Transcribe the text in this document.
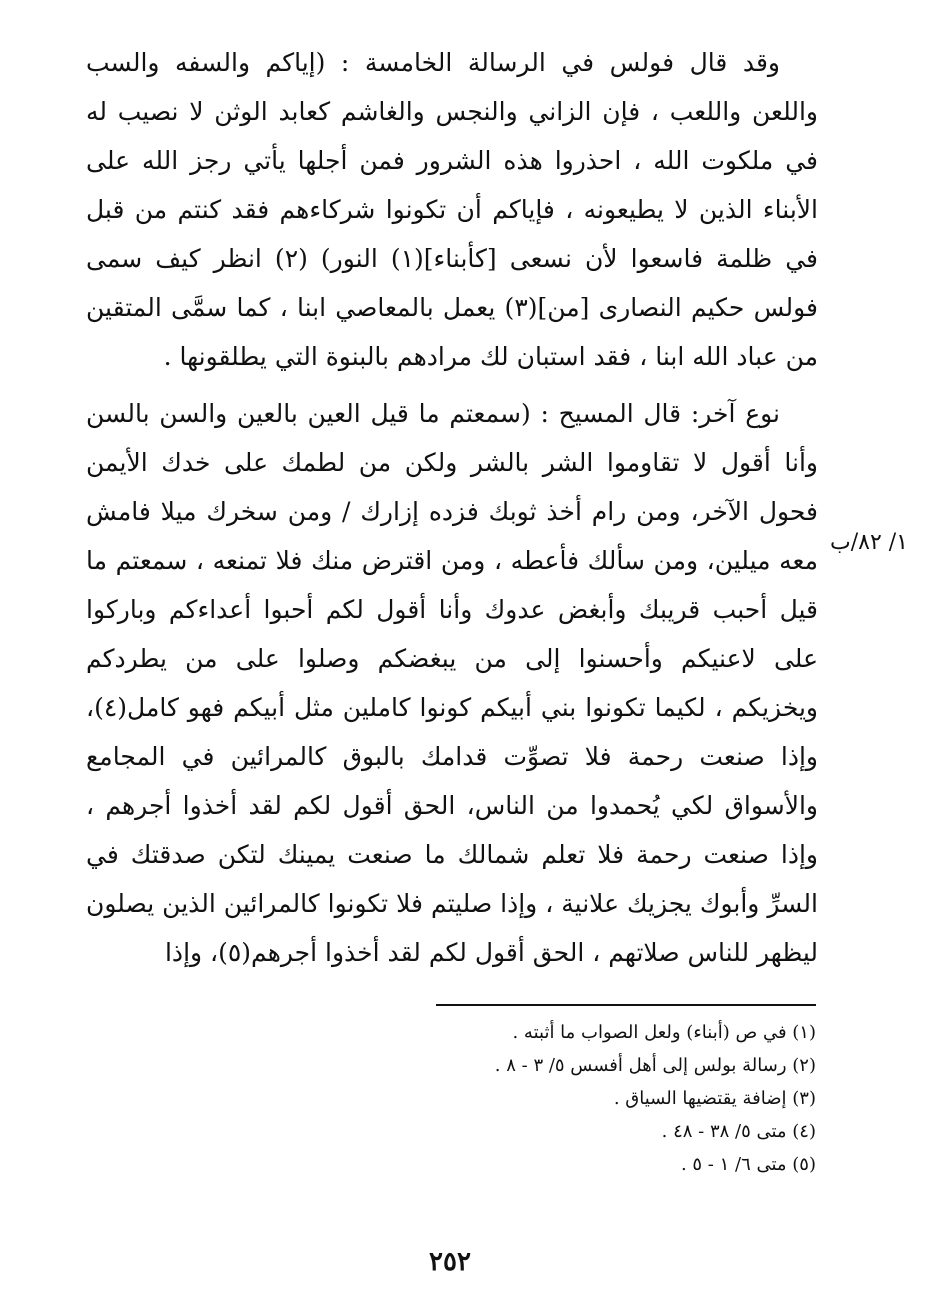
وقد قال فولس في الرسالة الخامسة : (إياكم والسفه والسب واللعن واللعب ، فإن الزاني والنجس والغاشم كعابد الوثن لا نصيب له في ملكوت الله ، احذروا هذه الشرور فمن أجلها يأتي رجز الله على الأبناء الذين لا يطيعونه ، فإياكم أن تكونوا شركاءهم فقد كنتم من قبل في ظلمة فاسعوا لأن نسعى [كأبناء](١) النور) (٢) انظر كيف سمى فولس حكيم النصارى [من](٣) يعمل بالمعاصي ابنا ، كما سمَّى المتقين من عباد الله ابنا ، فقد استبان لك مرادهم بالبنوة التي يطلقونها .

نوع آخر: قال المسيح : (سمعتم ما قيل العين بالعين والسن بالسن وأنا أقول لا تقاوموا الشر بالشر ولكن من لطمك على خدك الأيمن فحول الآخر، ومن رام أخذ ثوبك فزده إزارك / ومن سخرك ميلا فامش معه ميلين، ومن سألك فأعطه ، ومن اقترض منك فلا تمنعه ، سمعتم ما قيل أحبب قريبك وأبغض عدوك وأنا أقول لكم أحبوا أعداءكم وباركوا على لاعنيكم وأحسنوا إلى من يبغضكم وصلوا على من يطردكم ويخزيكم ، لكيما تكونوا بني أبيكم كونوا كاملين مثل أبيكم فهو كامل(٤)، وإذا صنعت رحمة فلا تصوِّت قدامك بالبوق كالمرائين في المجامع والأسواق لكي يُحمدوا من الناس، الحق أقول لكم لقد أخذوا أجرهم ، وإذا صنعت رحمة فلا تعلم شمالك ما صنعت يمينك لتكن صدقتك في السرِّ وأبوك يجزيك علانية ، وإذا صليتم فلا تكونوا كالمرائين الذين يصلون ليظهر للناس صلاتهم ، الحق أقول لكم لقد أخذوا أجرهم(٥)، وإذا

١/ ٨٢/ب
(١) في ص (أبناء) ولعل الصواب ما أثبته .
(٢) رسالة بولس إلى أهل أفسس ٥/ ٣ - ٨ .
(٣) إضافة يقتضيها السياق .
(٤) متى ٥/ ٣٨ - ٤٨ .
(٥) متى ٦/ ١ - ٥ .
٢٥٢
